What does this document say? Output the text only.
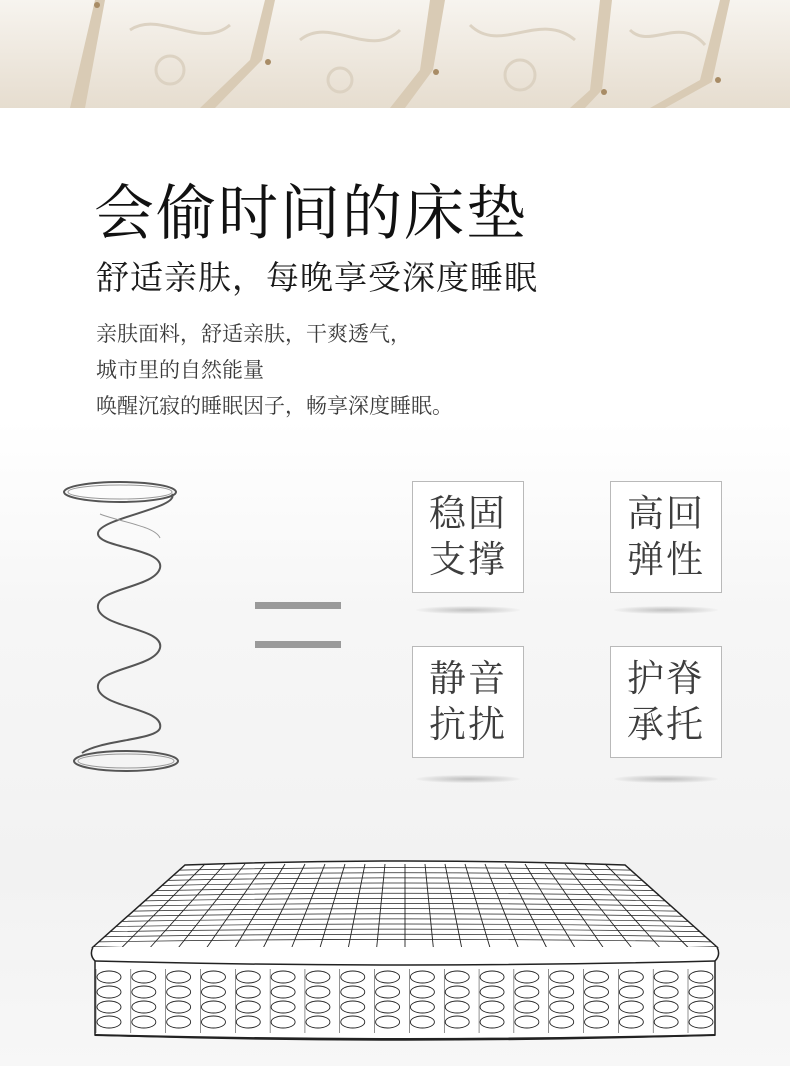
会偷时间的床垫
舒适亲肤，每晚享受深度睡眠
亲肤面料，舒适亲肤，干爽透气，
城市里的自然能量
唤醒沉寂的睡眠因子，畅享深度睡眠。
稳固
支撑
高回
弹性
静音
抗扰
护脊
承托
